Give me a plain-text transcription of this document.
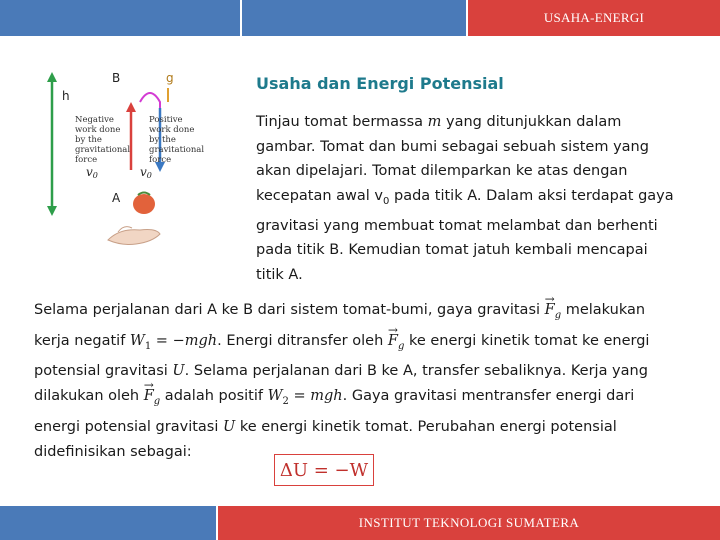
USAHA-ENERGI
h
B	g
Negative
work done
by the
gravitational
force
Positive
work done
by the
gravitational
force
v0	v0
A
Usaha dan Energi Potensial
Tinjau tomat bermassa m yang ditunjukkan dalam gambar. Tomat dan bumi sebagai sebuah sistem yang akan dipelajari. Tomat dilemparkan ke atas dengan kecepatan awal $v_0$ pada titik A. Dalam aksi terdapat gaya gravitasi yang membuat tomat melambat dan berhenti pada titik B. Kemudian tomat jatuh kembali mencapai titik A.
Selama perjalanan dari A ke B dari sistem tomat-bumi, gaya gravitasi → $F_g$ melakukan kerja negatif $W_1 = -mgh$. Energi ditransfer oleh → $F_g$ ke energi kinetik tomat ke energi potensial gravitasi U. Selama perjalanan dari B ke A, transfer sebaliknya. Kerja yang dilakukan oleh → $F_g$ adalah positif $W_2$ = mgh. Gaya gravitasi mentransfer energi dari energi potensial gravitasi U ke energi kinetik tomat. Perubahan energi potensial didefinisikan sebagai:
ΔU = −W
INSTITUT TEKNOLOGI SUMATERA
